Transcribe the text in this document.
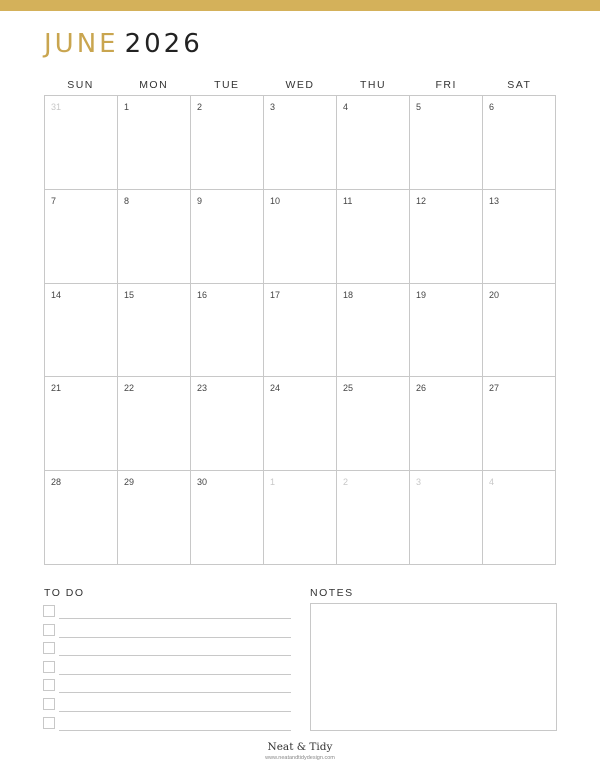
JUNE 2026
SUN	MON	TUE	WED	THU	FRI	SAT
31	1	2	3	4	5	6
7	8	9	10	11	12	13
14	15	16	17	18	19	20
21	22	23	24	25	26	27
28	29	30	1	2	3	4
TO DO	NOTES
Neat & Tidy
www.neatandtidydesign.com
